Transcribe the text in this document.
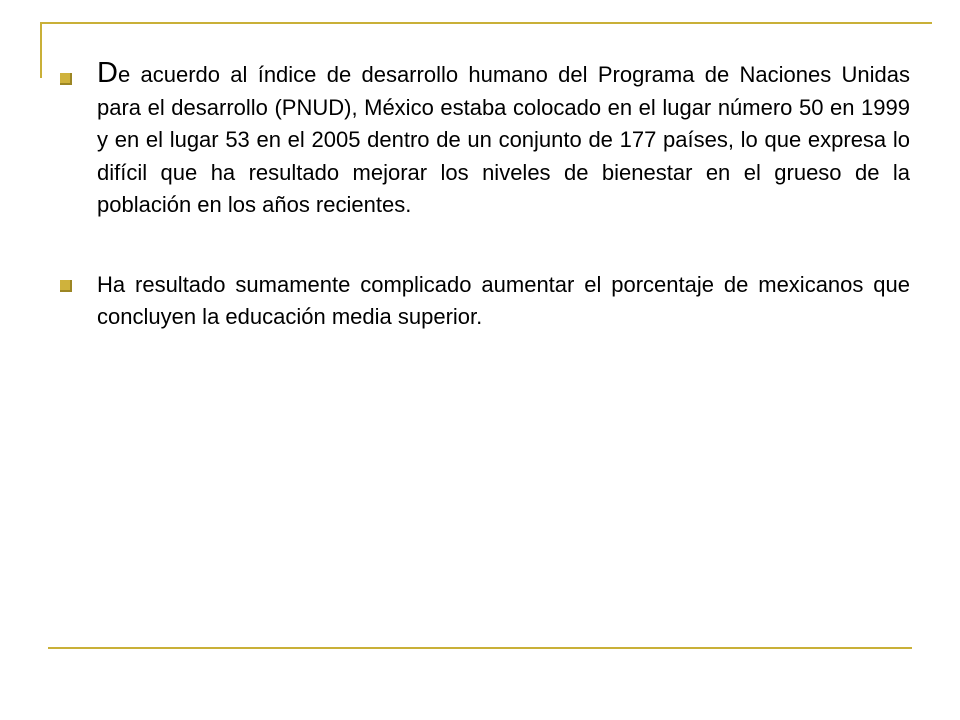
De acuerdo al índice de desarrollo humano del Programa de Naciones Unidas para el desarrollo (PNUD), México estaba colocado en el lugar número 50 en 1999 y en el lugar 53 en el 2005 dentro de un conjunto de 177 países, lo que expresa lo difícil que ha resultado mejorar los niveles de bienestar en el grueso de la población en los años recientes.
Ha resultado sumamente complicado aumentar el porcentaje de mexicanos que concluyen la educación media superior.
